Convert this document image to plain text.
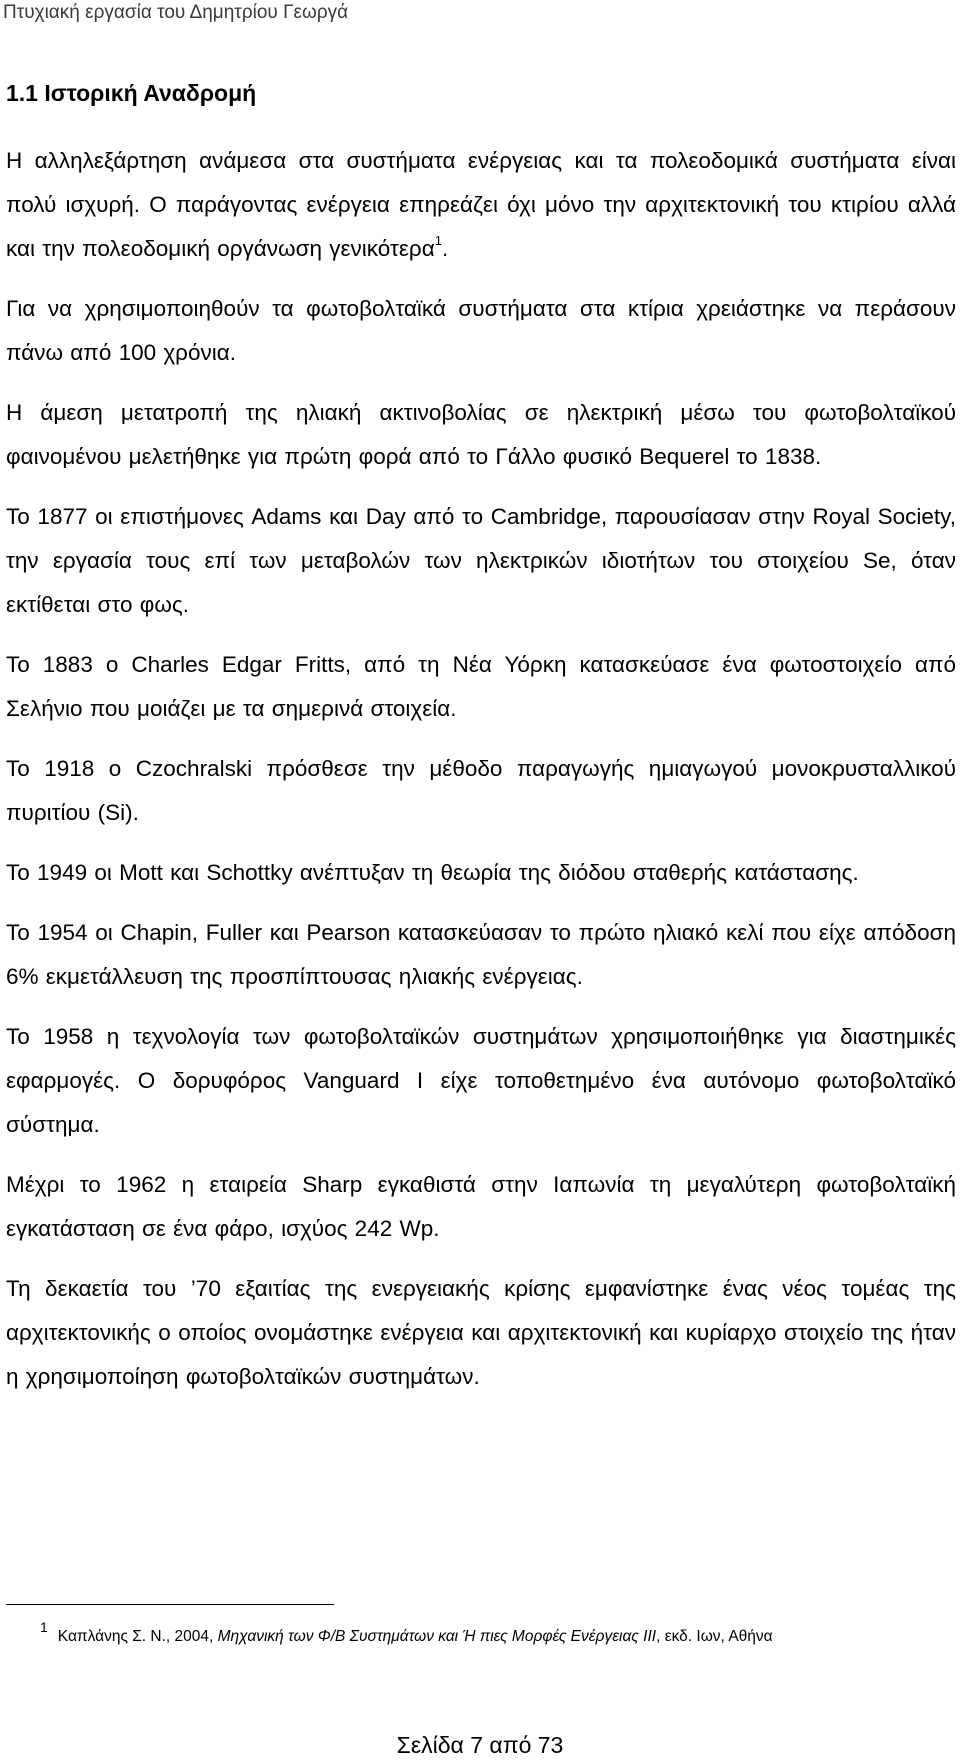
Πτυχιακή εργασία του Δημητρίου Γεωργά
1.1 Ιστορική Αναδρομή

Η αλληλεξάρτηση ανάμεσα στα συστήματα ενέργειας και τα πολεοδομικά συστήματα είναι πολύ ισχυρή. Ο παράγοντας ενέργεια επηρεάζει όχι μόνο την αρχιτεκτονική του κτιρίου αλλά και την πολεοδομική οργάνωση γενικότερα$^1$.

Για να χρησιμοποιηθούν τα φωτοβολταϊκά συστήματα στα κτίρια χρειάστηκε να περάσουν πάνω από 100 χρόνια.

Η άμεση μετατροπή της ηλιακή ακτινοβολίας σε ηλεκτρική μέσω του φωτοβολταϊκού φαινομένου μελετήθηκε για πρώτη φορά από το Γάλλο φυσικό Bequerel το 1838.

Το 1877 οι επιστήμονες Adams και Day από το Cambridge, παρουσίασαν στην Royal Society, την εργασία τους επί των μεταβολών των ηλεκτρικών ιδιοτήτων του στοιχείου Se, όταν εκτίθεται στο φως.

Το 1883 ο Charles Edgar Fritts, από τη Νέα Υόρκη κατασκεύασε ένα φωτοστοιχείο από Σελήνιο που μοιάζει με τα σημερινά στοιχεία.

Το 1918 ο Czochralski πρόσθεσε την μέθοδο παραγωγής ημιαγωγού μονοκρυσταλλικού πυριτίου (Si).

Το 1949 οι Mott και Schottky ανέπτυξαν τη θεωρία της διόδου σταθερής κατάστασης.

Το 1954 οι Chapin, Fuller και Pearson κατασκεύασαν το πρώτο ηλιακό κελί που είχε απόδοση 6% εκμετάλλευση της προσπίπτουσας ηλιακής ενέργειας.

Το 1958 η τεχνολογία των φωτοβολταϊκών συστημάτων χρησιμοποιήθηκε για διαστημικές εφαρμογές. Ο δορυφόρος Vanguard I είχε τοποθετημένο ένα αυτόνομο φωτοβολταϊκό σύστημα.

Μέχρι το 1962 η εταιρεία Sharp εγκαθιστά στην Ιαπωνία τη μεγαλύτερη φωτοβολταϊκή εγκατάσταση σε ένα φάρο, ισχύος 242 Wp.

Τη δεκαετία του ’70 εξαιτίας της ενεργειακής κρίσης εμφανίστηκε ένας νέος τομέας της αρχιτεκτονικής ο οποίος ονομάστηκε ενέργεια και αρχιτεκτονική και κυρίαρχο στοιχείο της ήταν η χρησιμοποίηση φωτοβολταϊκών συστημάτων.

1Καπλάνης Σ. Ν., 2004, Μηχανική των Φ/Β Συστημάτων και Ή πιες Μορφές Ενέργειας ΙΙΙ, εκδ. Ιων, Αθήνα
Σελίδα 7 από 73
